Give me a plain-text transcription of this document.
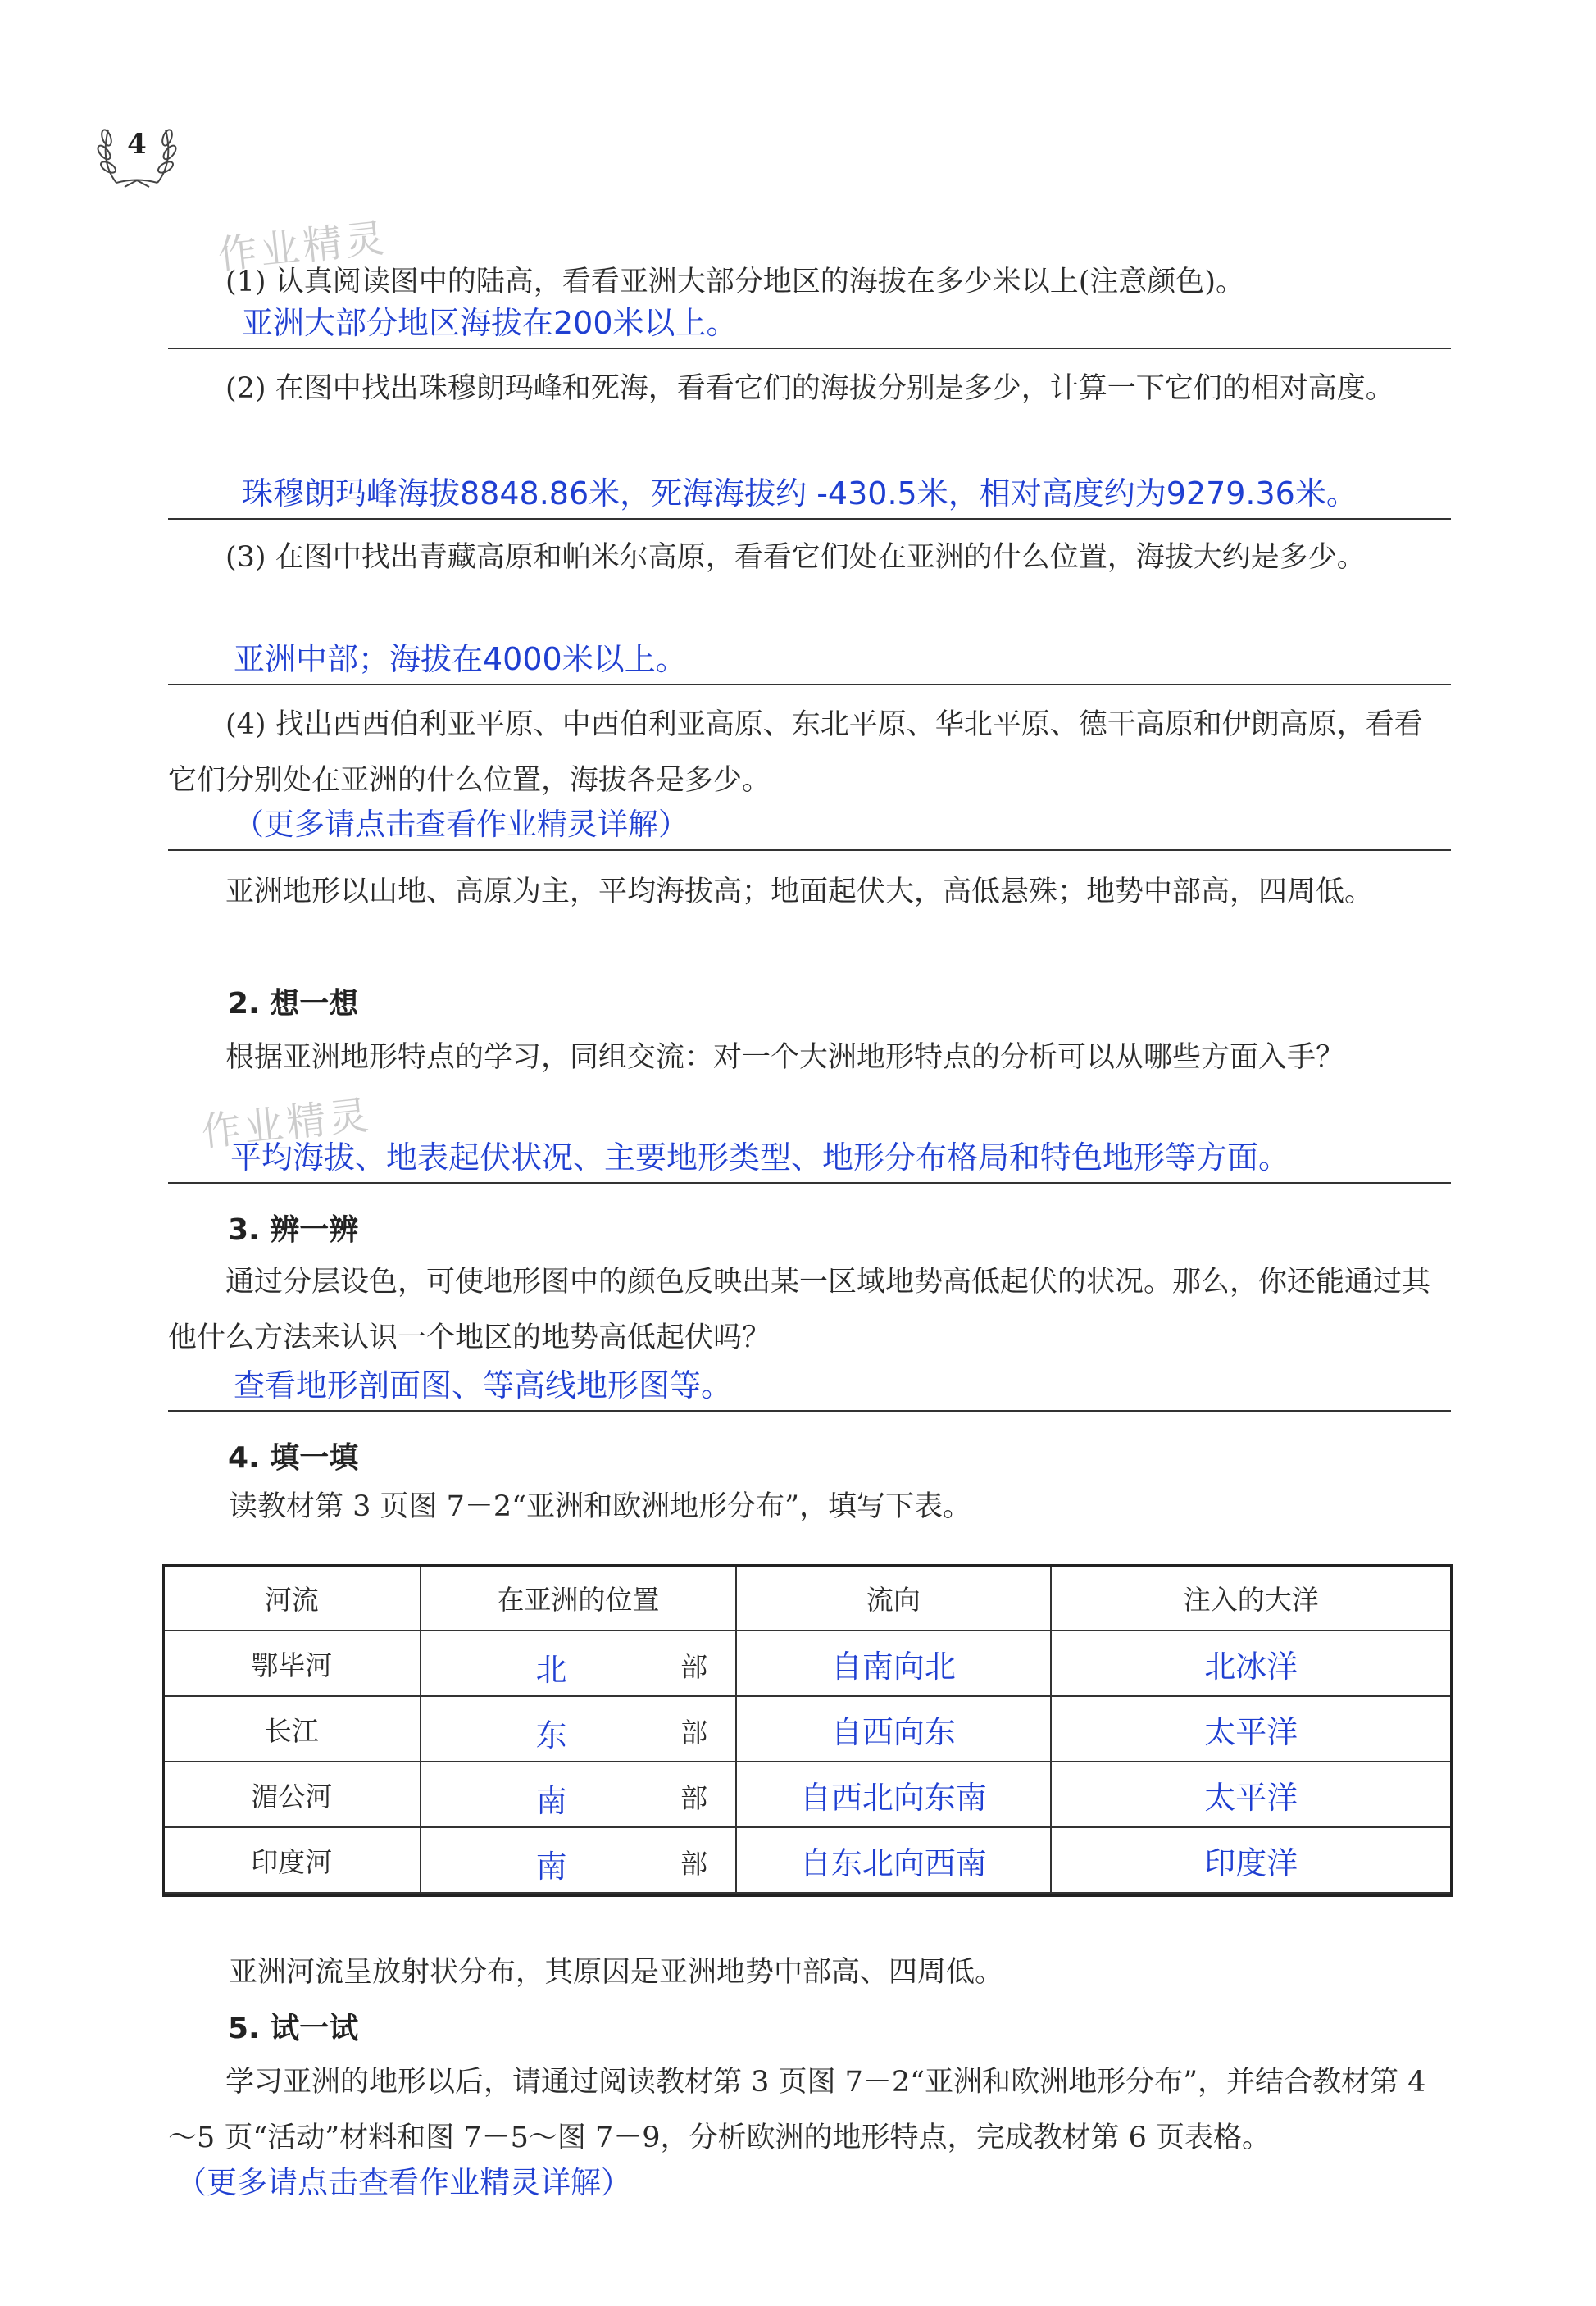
4
作业精灵
作业精灵
(1) 认真阅读图中的陆高，看看亚洲大部分地区的海拔在多少米以上(注意颜色)。
亚洲大部分地区海拔在200米以上。
(2) 在图中找出珠穆朗玛峰和死海，看看它们的海拔分别是多少，计算一下它们的相对高度。
珠穆朗玛峰海拔8848.86米，死海海拔约 -430.5米，相对高度约为9279.36米。
(3) 在图中找出青藏高原和帕米尔高原，看看它们处在亚洲的什么位置，海拔大约是多少。
亚洲中部；海拔在4000米以上。
(4) 找出西西伯利亚平原、中西伯利亚高原、东北平原、华北平原、德干高原和伊朗高原，看看它们分别处在亚洲的什么位置，海拔各是多少。
（更多请点击查看作业精灵详解）
亚洲地形以山地、高原为主，平均海拔高；地面起伏大，高低悬殊；地势中部高，四周低。
2. 想一想
根据亚洲地形特点的学习，同组交流：对一个大洲地形特点的分析可以从哪些方面入手？
平均海拔、地表起伏状况、主要地形类型、地形分布格局和特色地形等方面。
3. 辨一辨
通过分层设色，可使地形图中的颜色反映出某一区域地势高低起伏的状况。那么，你还能通过其他什么方法来认识一个地区的地势高低起伏吗？
查看地形剖面图、等高线地形图等。
4. 填一填
读教材第 3 页图 7－2“亚洲和欧洲地形分布”，填写下表。
河流	在亚洲的位置	流向	注入的大洋
鄂毕河	北 部	自南向北	北冰洋
长江	东 部	自西向东	太平洋
湄公河	南 部	自西北向东南	太平洋
印度河	南 部	自东北向西南	印度洋
亚洲河流呈放射状分布，其原因是亚洲地势中部高、四周低。
5. 试一试
学习亚洲的地形以后，请通过阅读教材第 3 页图 7－2“亚洲和欧洲地形分布”，并结合教材第 4～5 页“活动”材料和图 7－5～图 7－9，分析欧洲的地形特点，完成教材第 6 页表格。
（更多请点击查看作业精灵详解）
